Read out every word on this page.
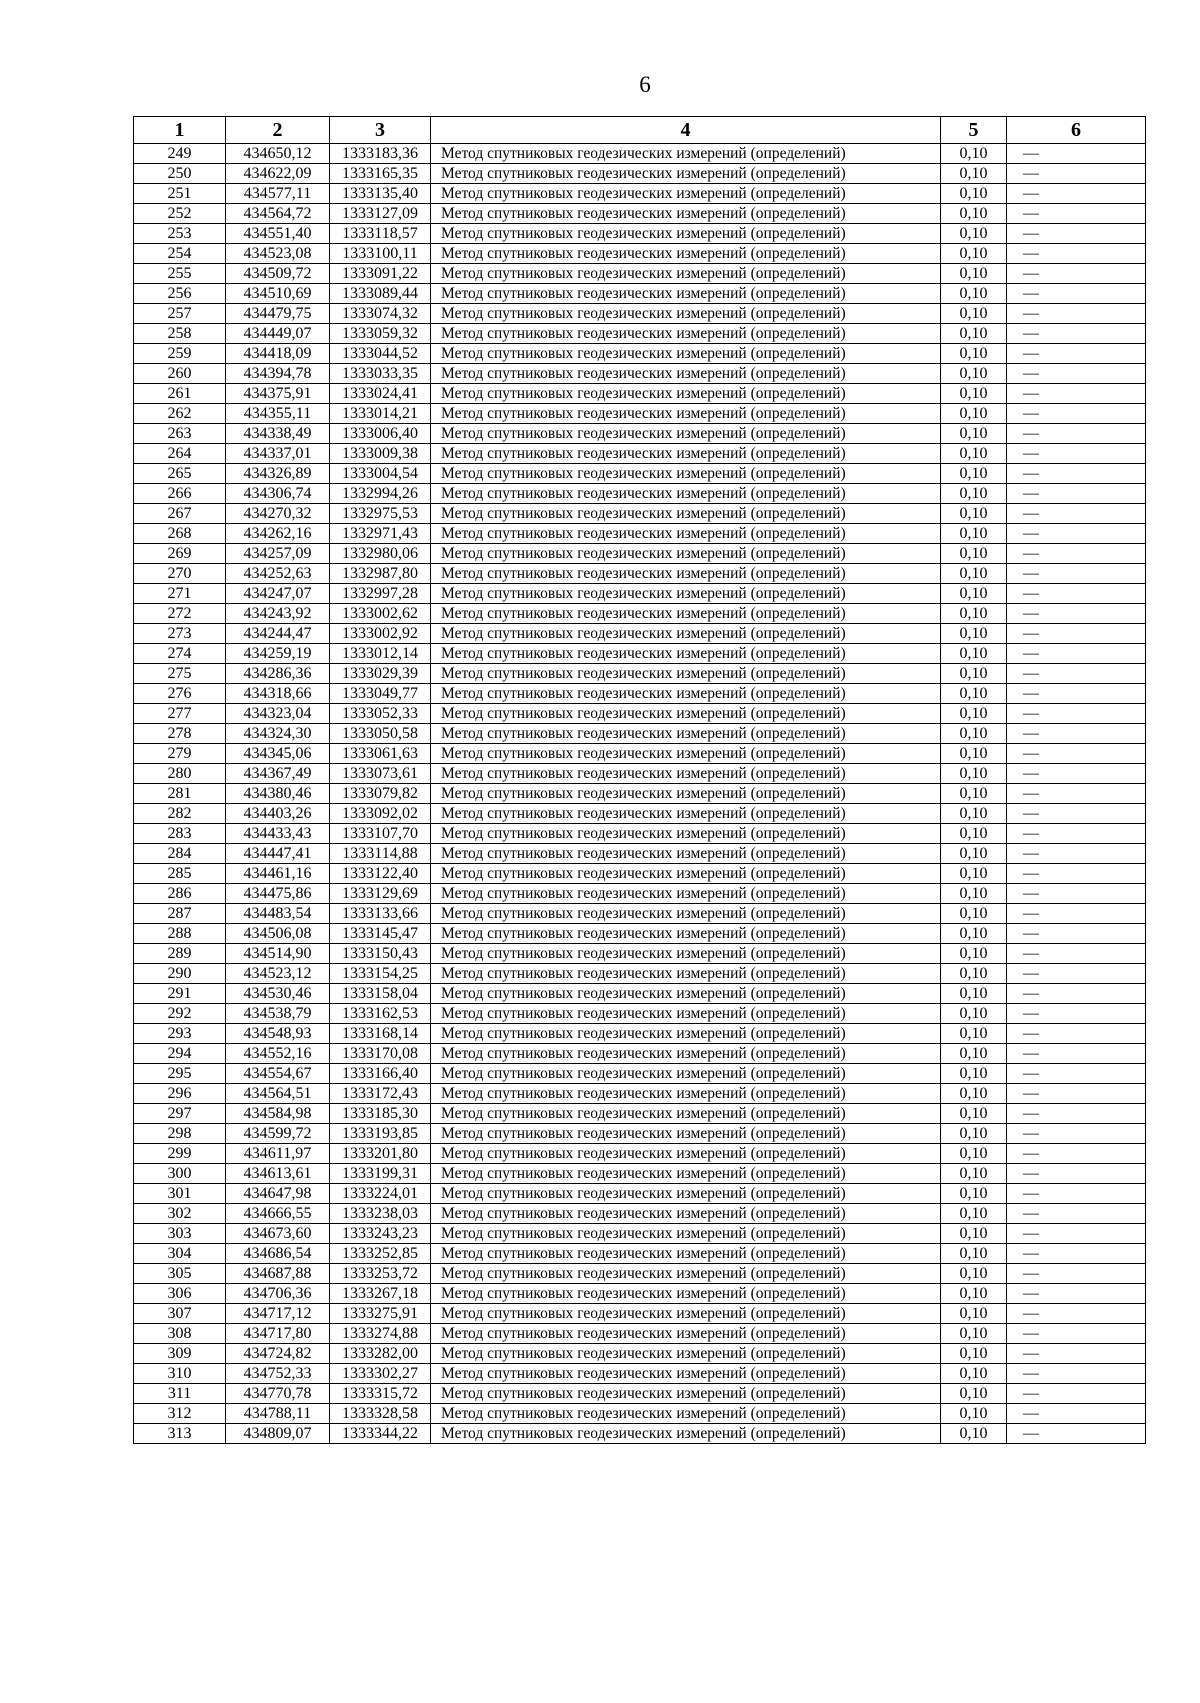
6
1	2	3	4	5	6
249	434650,12	1333183,36	Метод спутниковых геодезических измерений (определений)	0,10	—
250	434622,09	1333165,35	Метод спутниковых геодезических измерений (определений)	0,10	—
251	434577,11	1333135,40	Метод спутниковых геодезических измерений (определений)	0,10	—
252	434564,72	1333127,09	Метод спутниковых геодезических измерений (определений)	0,10	—
253	434551,40	1333118,57	Метод спутниковых геодезических измерений (определений)	0,10	—
254	434523,08	1333100,11	Метод спутниковых геодезических измерений (определений)	0,10	—
255	434509,72	1333091,22	Метод спутниковых геодезических измерений (определений)	0,10	—
256	434510,69	1333089,44	Метод спутниковых геодезических измерений (определений)	0,10	—
257	434479,75	1333074,32	Метод спутниковых геодезических измерений (определений)	0,10	—
258	434449,07	1333059,32	Метод спутниковых геодезических измерений (определений)	0,10	—
259	434418,09	1333044,52	Метод спутниковых геодезических измерений (определений)	0,10	—
260	434394,78	1333033,35	Метод спутниковых геодезических измерений (определений)	0,10	—
261	434375,91	1333024,41	Метод спутниковых геодезических измерений (определений)	0,10	—
262	434355,11	1333014,21	Метод спутниковых геодезических измерений (определений)	0,10	—
263	434338,49	1333006,40	Метод спутниковых геодезических измерений (определений)	0,10	—
264	434337,01	1333009,38	Метод спутниковых геодезических измерений (определений)	0,10	—
265	434326,89	1333004,54	Метод спутниковых геодезических измерений (определений)	0,10	—
266	434306,74	1332994,26	Метод спутниковых геодезических измерений (определений)	0,10	—
267	434270,32	1332975,53	Метод спутниковых геодезических измерений (определений)	0,10	—
268	434262,16	1332971,43	Метод спутниковых геодезических измерений (определений)	0,10	—
269	434257,09	1332980,06	Метод спутниковых геодезических измерений (определений)	0,10	—
270	434252,63	1332987,80	Метод спутниковых геодезических измерений (определений)	0,10	—
271	434247,07	1332997,28	Метод спутниковых геодезических измерений (определений)	0,10	—
272	434243,92	1333002,62	Метод спутниковых геодезических измерений (определений)	0,10	—
273	434244,47	1333002,92	Метод спутниковых геодезических измерений (определений)	0,10	—
274	434259,19	1333012,14	Метод спутниковых геодезических измерений (определений)	0,10	—
275	434286,36	1333029,39	Метод спутниковых геодезических измерений (определений)	0,10	—
276	434318,66	1333049,77	Метод спутниковых геодезических измерений (определений)	0,10	—
277	434323,04	1333052,33	Метод спутниковых геодезических измерений (определений)	0,10	—
278	434324,30	1333050,58	Метод спутниковых геодезических измерений (определений)	0,10	—
279	434345,06	1333061,63	Метод спутниковых геодезических измерений (определений)	0,10	—
280	434367,49	1333073,61	Метод спутниковых геодезических измерений (определений)	0,10	—
281	434380,46	1333079,82	Метод спутниковых геодезических измерений (определений)	0,10	—
282	434403,26	1333092,02	Метод спутниковых геодезических измерений (определений)	0,10	—
283	434433,43	1333107,70	Метод спутниковых геодезических измерений (определений)	0,10	—
284	434447,41	1333114,88	Метод спутниковых геодезических измерений (определений)	0,10	—
285	434461,16	1333122,40	Метод спутниковых геодезических измерений (определений)	0,10	—
286	434475,86	1333129,69	Метод спутниковых геодезических измерений (определений)	0,10	—
287	434483,54	1333133,66	Метод спутниковых геодезических измерений (определений)	0,10	—
288	434506,08	1333145,47	Метод спутниковых геодезических измерений (определений)	0,10	—
289	434514,90	1333150,43	Метод спутниковых геодезических измерений (определений)	0,10	—
290	434523,12	1333154,25	Метод спутниковых геодезических измерений (определений)	0,10	—
291	434530,46	1333158,04	Метод спутниковых геодезических измерений (определений)	0,10	—
292	434538,79	1333162,53	Метод спутниковых геодезических измерений (определений)	0,10	—
293	434548,93	1333168,14	Метод спутниковых геодезических измерений (определений)	0,10	—
294	434552,16	1333170,08	Метод спутниковых геодезических измерений (определений)	0,10	—
295	434554,67	1333166,40	Метод спутниковых геодезических измерений (определений)	0,10	—
296	434564,51	1333172,43	Метод спутниковых геодезических измерений (определений)	0,10	—
297	434584,98	1333185,30	Метод спутниковых геодезических измерений (определений)	0,10	—
298	434599,72	1333193,85	Метод спутниковых геодезических измерений (определений)	0,10	—
299	434611,97	1333201,80	Метод спутниковых геодезических измерений (определений)	0,10	—
300	434613,61	1333199,31	Метод спутниковых геодезических измерений (определений)	0,10	—
301	434647,98	1333224,01	Метод спутниковых геодезических измерений (определений)	0,10	—
302	434666,55	1333238,03	Метод спутниковых геодезических измерений (определений)	0,10	—
303	434673,60	1333243,23	Метод спутниковых геодезических измерений (определений)	0,10	—
304	434686,54	1333252,85	Метод спутниковых геодезических измерений (определений)	0,10	—
305	434687,88	1333253,72	Метод спутниковых геодезических измерений (определений)	0,10	—
306	434706,36	1333267,18	Метод спутниковых геодезических измерений (определений)	0,10	—
307	434717,12	1333275,91	Метод спутниковых геодезических измерений (определений)	0,10	—
308	434717,80	1333274,88	Метод спутниковых геодезических измерений (определений)	0,10	—
309	434724,82	1333282,00	Метод спутниковых геодезических измерений (определений)	0,10	—
310	434752,33	1333302,27	Метод спутниковых геодезических измерений (определений)	0,10	—
311	434770,78	1333315,72	Метод спутниковых геодезических измерений (определений)	0,10	—
312	434788,11	1333328,58	Метод спутниковых геодезических измерений (определений)	0,10	—
313	434809,07	1333344,22	Метод спутниковых геодезических измерений (определений)	0,10	—
